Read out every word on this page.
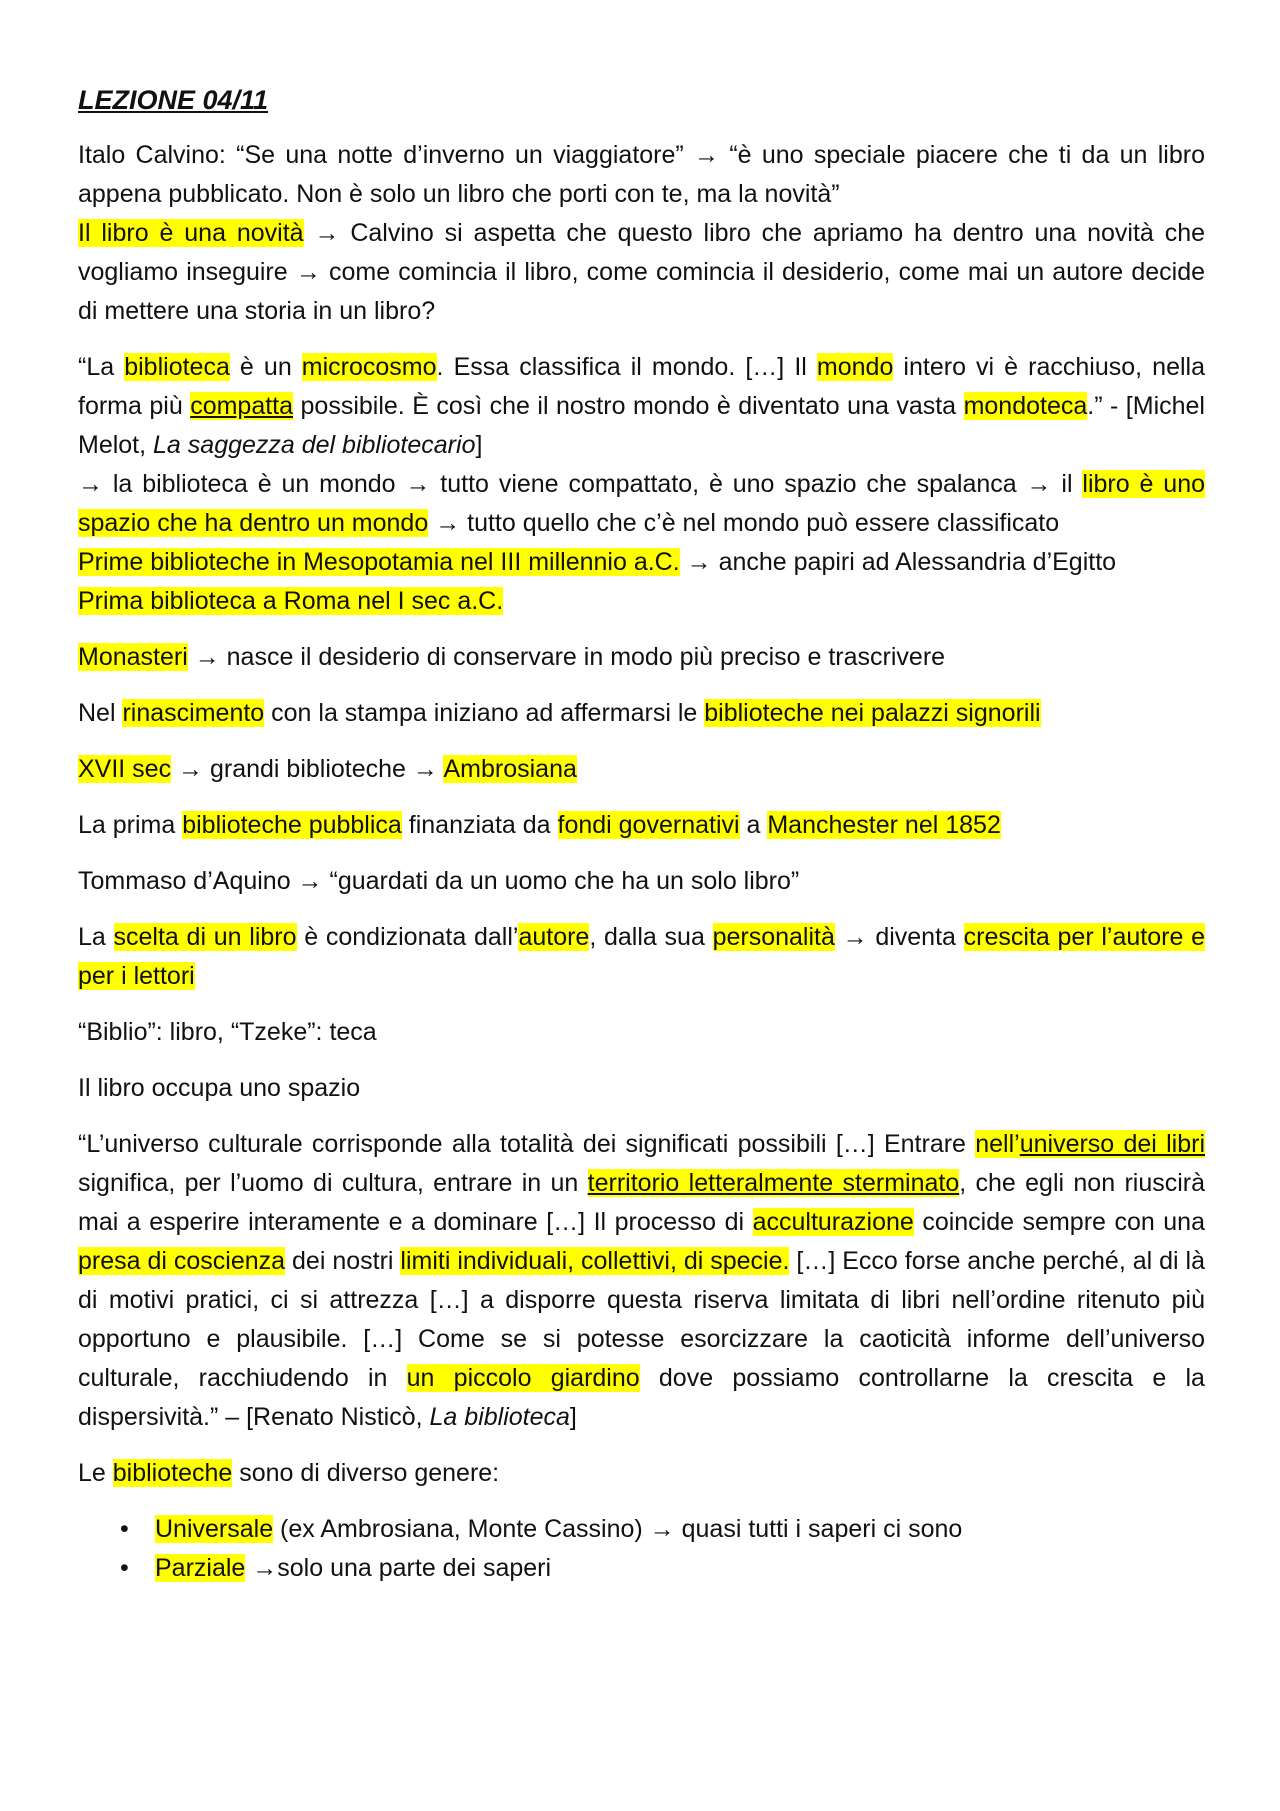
LEZIONE 04/11

Italo Calvino: “Se una notte d’inverno un viaggiatore” → “è uno speciale piacere che ti da un libro appena pubblicato. Non è solo un libro che porti con te, ma la novità”

Il libro è una novità → Calvino si aspetta che questo libro che apriamo ha dentro una novità che vogliamo inseguire → come comincia il libro, come comincia il desiderio, come mai un autore decide di mettere una storia in un libro?

“La biblioteca è un microcosmo. Essa classifica il mondo. […] Il mondo intero vi è racchiuso, nella forma più compatta possibile. È così che il nostro mondo è diventato una vasta mondoteca.” - [Michel Melot, La saggezza del bibliotecario]

→ la biblioteca è un mondo → tutto viene compattato, è uno spazio che spalanca → il libro è uno spazio che ha dentro un mondo → tutto quello che c’è nel mondo può essere classificato

Prime biblioteche in Mesopotamia nel III millennio a.C. → anche papiri ad Alessandria d’Egitto

Prima biblioteca a Roma nel I sec a.C.

Monasteri → nasce il desiderio di conservare in modo più preciso e trascrivere

Nel rinascimento con la stampa iniziano ad affermarsi le biblioteche nei palazzi signorili

XVII sec → grandi biblioteche → Ambrosiana

La prima biblioteche pubblica finanziata da fondi governativi a Manchester nel 1852

Tommaso d’Aquino → “guardati da un uomo che ha un solo libro”

La scelta di un libro è condizionata dall’autore, dalla sua personalità → diventa crescita per l’autore e per i lettori

“Biblio”: libro, “Tzeke”: teca

Il libro occupa uno spazio

“L’universo culturale corrisponde alla totalità dei significati possibili […] Entrare nell’universo dei libri significa, per l’uomo di cultura, entrare in un territorio letteralmente sterminato, che egli non riuscirà mai a esperire interamente e a dominare […] Il processo di acculturazione coincide sempre con una presa di coscienza dei nostri limiti individuali, collettivi, di specie. […] Ecco forse anche perché, al di là di motivi pratici, ci si attrezza […] a disporre questa riserva limitata di libri nell’ordine ritenuto più opportuno e plausibile. […] Come se si potesse esorcizzare la caoticità informe dell’universo culturale, racchiudendo in un piccolo giardino dove possiamo controllarne la crescita e la dispersività.” – [Renato Nisticò, La biblioteca]

Le biblioteche sono di diverso genere:

• Universale (ex Ambrosiana, Monte Cassino) → quasi tutti i saperi ci sono
• Parziale →solo una parte dei saperi
